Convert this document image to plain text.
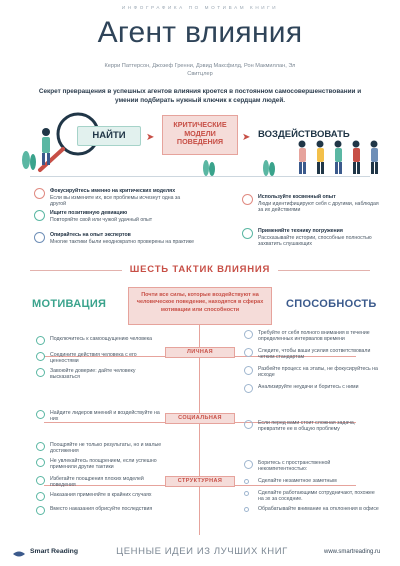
ИНФОГРАФИКА ПО МОТИВАМ КНИГИ
Агент влияния
Керри Паттерсон, Джозеф Гренни, Дэвид Максфилд, Рон Макмиллан, Эл Свитцлер
Секрет превращения в успешных агентов влияния кроется в постоянном самосовершенствовании и умении подбирать нужный ключик к сердцам людей.
НАЙТИ	➤
КРИТИЧЕСКИЕ МОДЕЛИ ПОВЕДЕНИЯ	➤ ВОЗДЕЙСТВОВАТЬ
Фокусируйтесь именно на критических моделях
Если вы измените их, все проблемы исчезнут одна за другой
Ищите позитивную девиацию
Повторяйте свой или чужой удачный опыт
Опирайтесь на опыт экспертов
Многие тактики были неоднократно проверены на практике
Используйте косвенный опыт
Люди идентифицируют себя с другими, наблюдая за их действиями
Применяйте технику погружения
Рассказывайте истории, способные полностью захватить слушающих
ШЕСТЬ ТАКТИК ВЛИЯНИЯ
МОТИВАЦИЯ	СПОСОБНОСТЬ
Почти все силы, которые воздействуют на человеческое поведение, находятся в сферах мотивации или способности
ЛИЧНАЯ
Подключитесь к самоощущению человека
Соедините действия человека с его ценностями
Завоюйте доверие: дайте человеку высказаться
Требуйте от себя полного внимания в течение определенных интервалов времени
Следите, чтобы ваши усилия соответствовали четким стандартам
Разбейте процесс на этапы, не фокусируйтесь на исходе
Анализируйте неудачи и боритесь с ними
СОЦИАЛЬНАЯ
Найдите лидеров мнений и воздействуйте на них
Если перед вами стоит сложная задача, превратите ее в общую проблему
СТРУКТУРНАЯ
Поощряйте не только результаты, но и малые достижения
Не увлекайтесь поощрением, если успешно применили другие тактики
Избегайте поощрения плохих моделей поведения
Наказания применяйте в крайних случаях
Вместо наказания обрисуйте последствия
Боритесь с пространственной некомпетентностью:
Сделайте незаметное заметным
Сделайте работающими сотрудничают, похожее на эх за соседние.
Обрабатывайте внимание на отклонения в офисе
Smart Reading	ЦЕННЫЕ ИДЕИ ИЗ ЛУЧШИХ КНИГ	www.smartreading.ru
